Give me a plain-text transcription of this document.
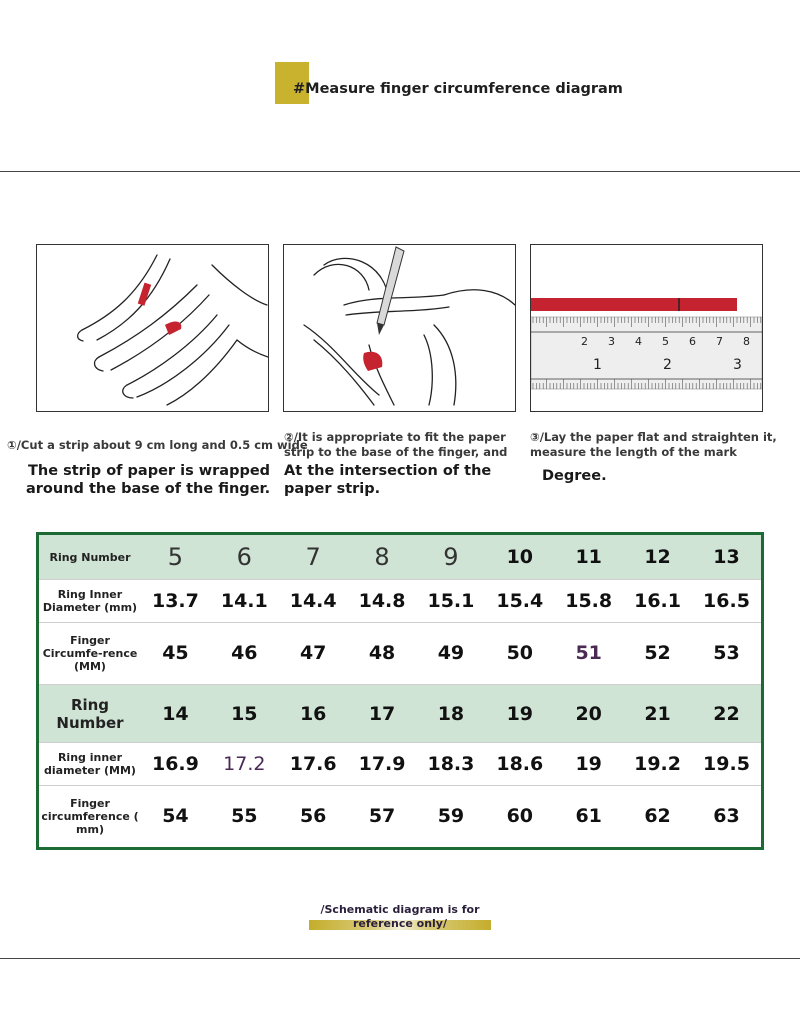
#Measure finger circumference diagram
2 3 4 5 6 7 8
1	2	3
①/Cut a strip about 9 cm long and 0.5 cm wide
The strip of paper is wrapped
around the base of the finger.
②/It is appropriate to fit the paper
strip to the base of the finger, and
At the intersection of the
paper strip.
③/Lay the paper flat and straighten it,
measure the length of the mark
Degree.
Ring Number	5	6	7	8	9	10	11	12	13
Ring Inner Diameter (mm)	13.7	14.1	14.4	14.8	15.1	15.4	15.8	16.1	16.5
Finger Circumfe-rence (MM)	45	46	47	48	49	50	51	52	53
Ring Number	14	15	16	17	18	19	20	21	22
Ring inner diameter (MM)	16.9	17.2	17.6	17.9	18.3	18.6	19	19.2	19.5
Finger circumference ( mm)	54	55	56	57	59	60	61	62	63
/Schematic diagram is for
reference only/
